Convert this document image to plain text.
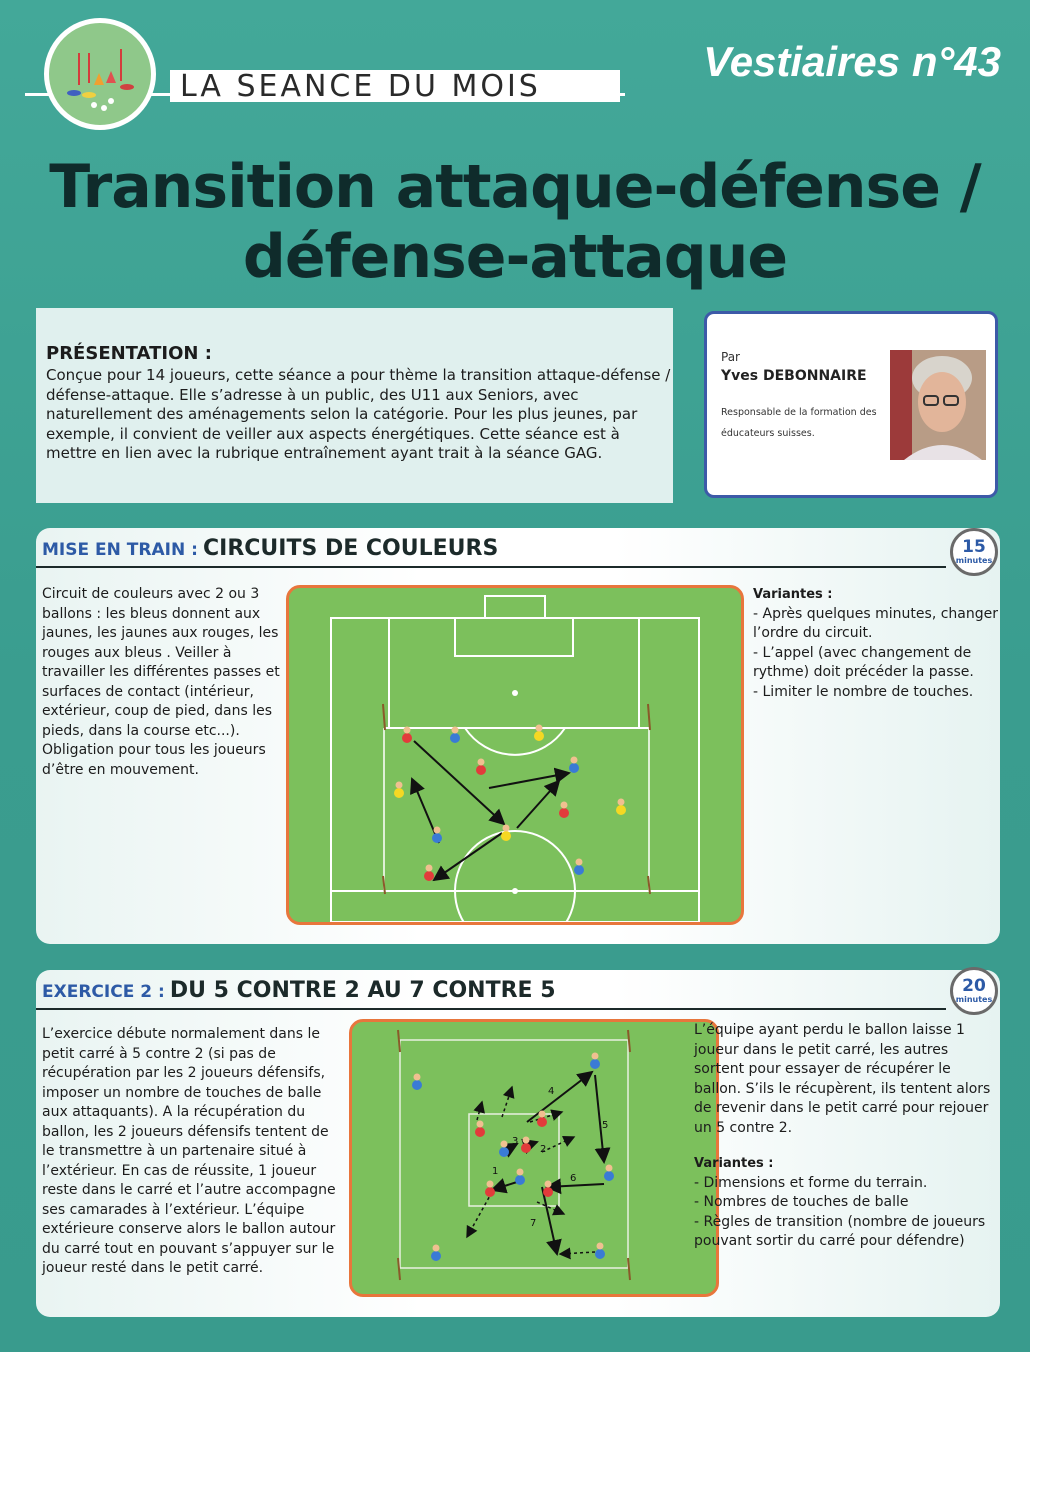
LA SEANCE DU MOIS
Vestiaires n°43
Transition attaque-défense /
défense-attaque
PRÉSENTATION :

Conçue pour 14 joueurs, cette séance a pour thème la transition attaque-défense / défense-attaque. Elle s’adresse à un public, des U11 aux Seniors, avec naturellement des aménagements selon la catégorie. Pour les plus jeunes, par exemple, il convient de veiller aux aspects énergétiques. Cette séance est à mettre en lien avec la rubrique entraînement ayant trait à la séance GAG.

Par
Yves DEBONNAIRE
Responsable de la formation des éducateurs suisses.
MISE EN TRAIN : CIRCUITS DE COULEURS
Circuit de couleurs avec 2 ou 3 ballons : les bleus donnent aux jaunes, les jaunes aux rouges, les rouges aux bleus . Veiller à travailler les différentes passes et surfaces de contact (intérieur, extérieur, coup de pied, dans les pieds, dans la course etc...). Obligation pour tous les joueurs d’être en mouvement.
Variantes :
- Après quelques minutes, changer l’ordre du circuit.
- L’appel (avec changement de rythme) doit précéder la passe.
- Limiter le nombre de touches.
15
minutes
EXERCICE 2 : DU 5 CONTRE 2 AU 7 CONTRE 5
L’exercice débute normalement dans le petit carré à 5 contre 2 (si pas de récupération par les 2 joueurs défensifs, imposer un nombre de touches de balle aux attaquants). A la récupération du ballon, les 2 joueurs défensifs tentent de le transmettre à un partenaire situé à l’extérieur. En cas de réussite, 1 joueur reste dans le carré et l’autre accompagne ses camarades à l’extérieur. L’équipe extérieure conserve alors le ballon autour du carré tout en pouvant s’appuyer sur le joueur resté dans le petit carré.
1
2
3
4
5
6
7
L’équipe ayant perdu le ballon laisse 1 joueur dans le petit carré, les autres sortent pour essayer de récupérer le ballon. S’ils le récupèrent, ils tentent alors de revenir dans le petit carré pour rejouer un 5 contre 2.
Variantes :
- Dimensions et forme du terrain.
- Nombres de touches de balle
- Règles de transition (nombre de joueurs pouvant sortir du carré pour défendre)
20
minutes
